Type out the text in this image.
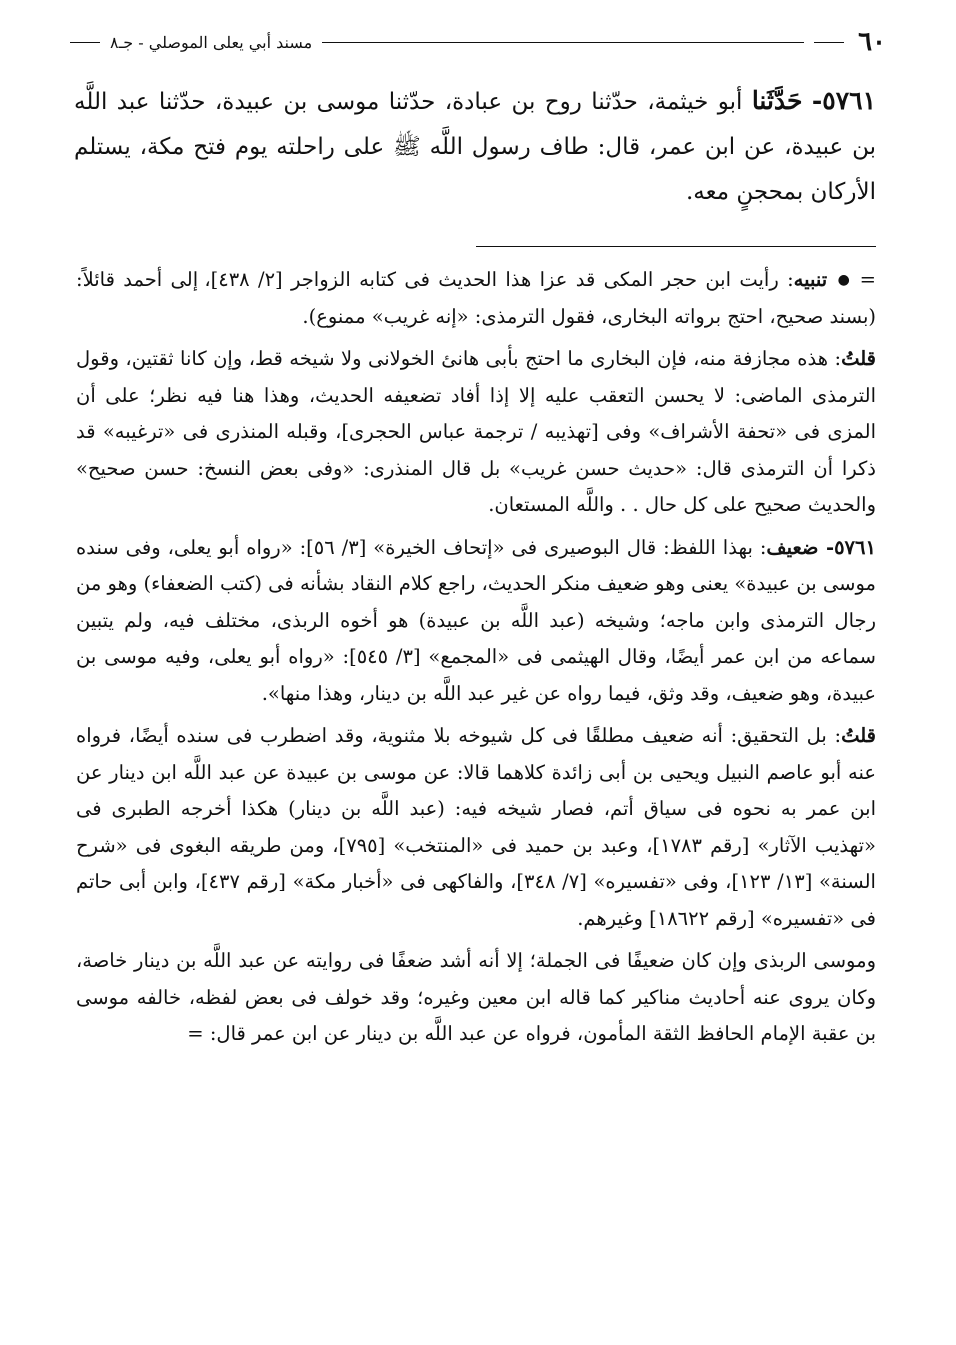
٦٠
مسند أبي يعلى الموصلي - جـ٨

٥٧٦١- حَدَّثَنا أبو خيثمة، حدّثنا روح بن عبادة، حدّثنا موسى بن عبيدة، حدّثنا عبد اللَّه بن عبيدة، عن ابن عمر، قال: طاف رسول اللَّه ﷺ على راحلته يوم فتح مكة، يستلم الأركان بمحجنٍ معه.

=● تنبيه: رأيت ابن حجر المكى قد عزا هذا الحديث فى كتابه الزواجر [٢/ ٤٣٨]، إلى أحمد قائلاً: (بسند صحيح، احتج برواته البخارى، فقول الترمذى: «إنه غريب» ممنوع).

قلتُ: هذه مجازفة منه، فإن البخارى ما احتج بأبى هانئ الخولانى ولا شيخه قط، وإن كانا ثقتين، وقول الترمذى الماضى: لا يحسن التعقب عليه إلا إذا أفاد تضعيفه الحديث، وهذا هنا فيه نظر؛ على أن المزى فى «تحفة الأشراف» وفى [تهذيبه / ترجمة عباس الحجرى]، وقبله المنذرى فى «ترغيبه» قد ذكرا أن الترمذى قال: «حديث حسن غريب» بل قال المنذرى: «وفى بعض النسخ: حسن صحيح» والحديث صحيح على كل حال . . واللَّه المستعان.

٥٧٦١- ضعيف: بهذا اللفظ: قال البوصيرى فى «إتحاف الخيرة» [٣/ ٥٦]: «رواه أبو يعلى، وفى سنده موسى بن عبيدة» يعنى وهو ضعيف منكر الحديث، راجع كلام النقاد بشأنه فى (كتب الضعفاء) وهو من رجال الترمذى وابن ماجه؛ وشيخه (عبد اللَّه بن عبيدة) هو أخوه الربذى، مختلف فيه، ولم يتبين سماعه من ابن عمر أيضًا، وقال الهيثمى فى «المجمع» [٣/ ٥٤٥]: «رواه أبو يعلى، وفيه موسى بن عبيدة، وهو ضعيف، وقد وثق، فيما رواه عن غير عبد اللَّه بن دينار، وهذا منها».

قلتُ: بل التحقيق: أنه ضعيف مطلقًا فى كل شيوخه بلا مثنوية، وقد اضطرب فى سنده أيضًا، فرواه عنه أبو عاصم النبيل ويحيى بن أبى زائدة كلاهما قالا: عن موسى بن عبيدة عن عبد اللَّه ابن دينار عن ابن عمر به نحوه فى سياق أتم، فصار شيخه فيه: (عبد اللَّه بن دينار) هكذا أخرجه الطبرى فى «تهذيب الآثار» [رقم ١٧٨٣]، وعبد بن حميد فى «المنتخب» [٧٩٥]، ومن طريقه البغوى فى «شرح السنة» [١٣/ ١٢٣]، وفى «تفسيره» [٧/ ٣٤٨]، والفاكهى فى «أخبار مكة» [رقم ٤٣٧]، وابن أبى حاتم فى «تفسيره» [رقم ١٨٦٢٢] وغيرهم.

وموسى الربذى وإن كان ضعيفًا فى الجملة؛ إلا أنه أشد ضعفًا فى روايته عن عبد اللَّه بن دينار خاصة، وكان يروى عنه أحاديث مناكير كما قاله ابن معين وغيره؛ وقد خولف فى بعض لفظه، خالفه موسى بن عقبة الإمام الحافظ الثقة المأمون، فرواه عن عبد اللَّه بن دينار عن ابن عمر قال: =
